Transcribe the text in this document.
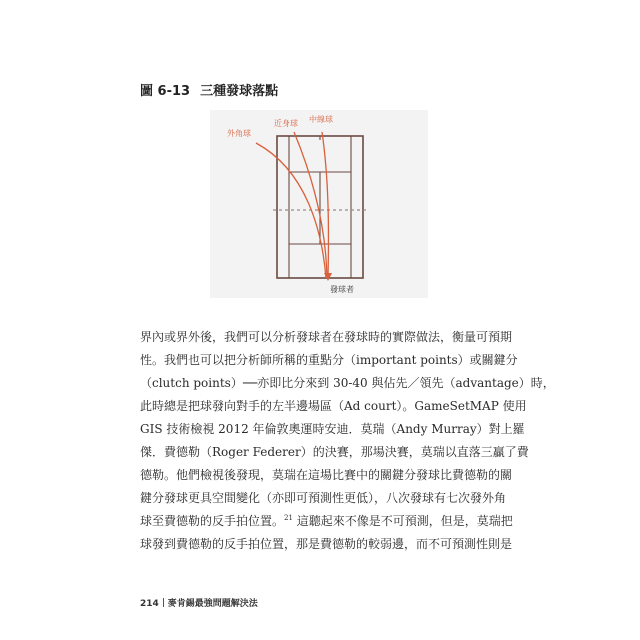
圖 6-13 三種發球落點
外角球
近身球 中線球
發球者

界內或界外後，我們可以分析發球者在發球時的實際做法，衡量可預期

性。我們也可以把分析師所稱的重點分（important points）或關鍵分

（clutch points）──亦即比分來到 30-40 與佔先／領先（advantage）時，

此時總是把球發向對手的左半邊場區（Ad court）。GameSetMAP 使用

GIS 技術檢視 2012 年倫敦奧運時安迪．莫瑞（Andy Murray）對上羅

傑．費德勒（Roger Federer）的決賽，那場決賽，莫瑞以直落三贏了費

德勒。他們檢視後發現，莫瑞在這場比賽中的關鍵分發球比費德勒的關

鍵分發球更具空間變化（亦即可預測性更低），八次發球有七次發外角

球至費德勒的反手拍位置。$^{21}$ 這聽起來不像是不可預測，但是，莫瑞把

球發到費德勒的反手拍位置，那是費德勒的較弱邊，而不可預測性則是

214 麥肯錫最強問題解決法
